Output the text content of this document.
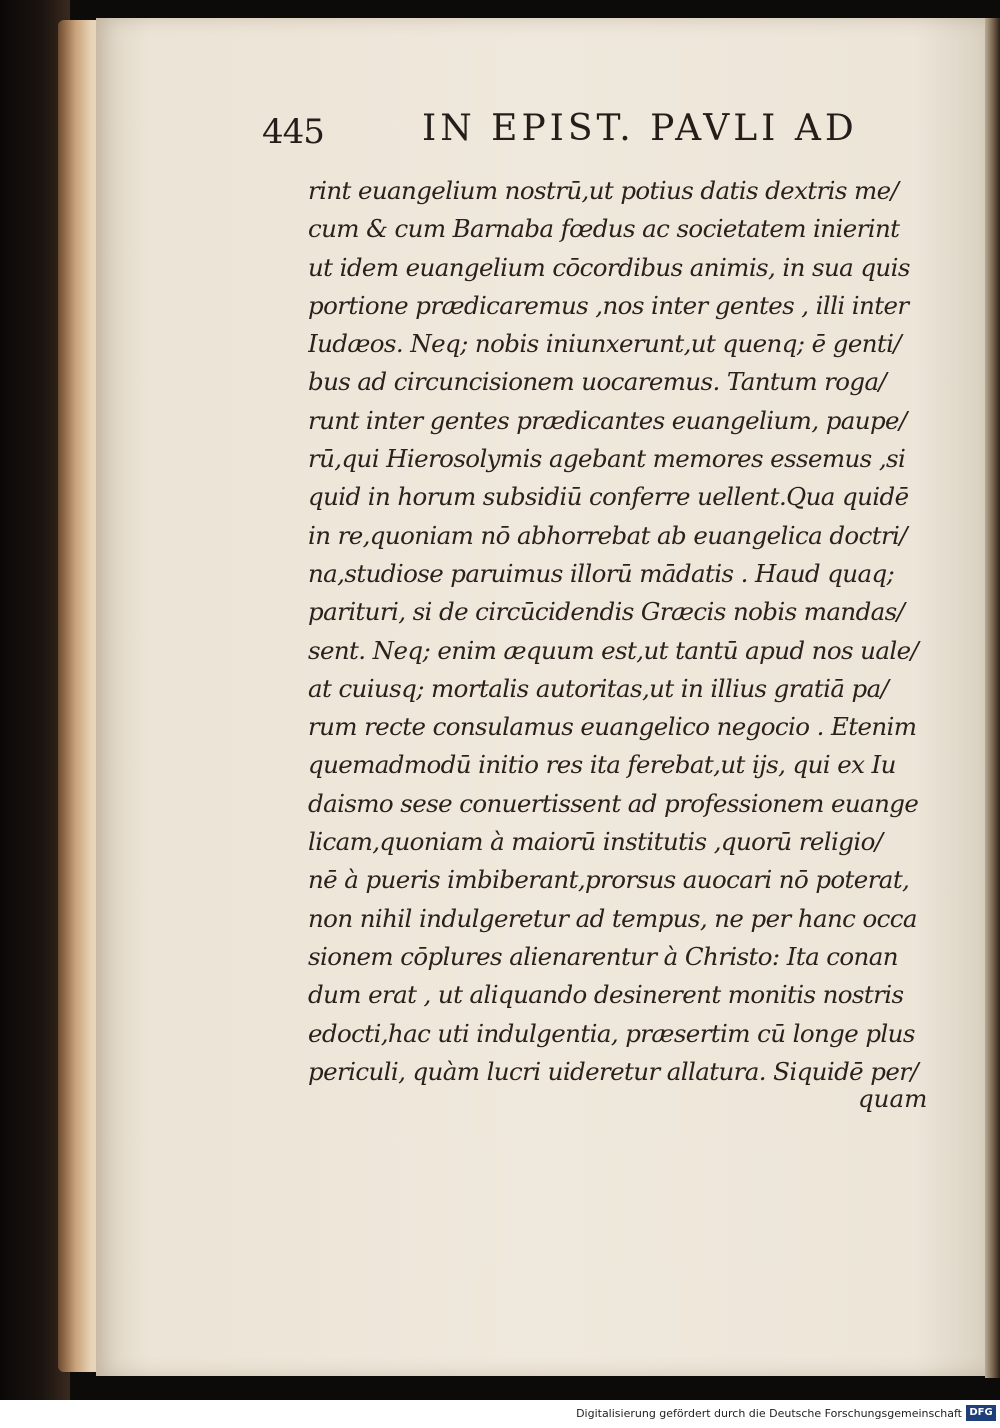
445	IN EPIST. PAVLI AD
rint euangelium nostrū,ut potius datis dextris me/
cum & cum Barnaba fœdus ac societatem inierint
ut idem euangelium cōcordibus animis, in sua quis
portione prædicaremus ,nos inter gentes , illi inter
Iudæos. Neq; nobis iniunxerunt,ut quenq; ē genti/
bus ad circuncisionem uocaremus. Tantum roga/
runt inter gentes prædicantes euangelium, paupe/
rū,qui Hierosolymis agebant memores essemus ,si
quid in horum subsidiū conferre uellent.Qua quidē
in re,quoniam nō abhorrebat ab euangelica doctri/
na,studiose paruimus illorū mādatis . Haud quaq;
parituri, si de circūcidendis Græcis nobis mandas/
sent. Neq; enim æquum est,ut tantū apud nos uale/
at cuiusq; mortalis autoritas,ut in illius gratiā pa/
rum recte consulamus euangelico negocio . Etenim
quemadmodū initio res ita ferebat,ut ijs, qui ex Iu
daismo sese conuertissent ad professionem euange
licam,quoniam à maiorū institutis ,quorū religio/
nē à pueris imbiberant,prorsus auocari nō poterat,
non nihil indulgeretur ad tempus, ne per hanc occa
sionem cōplures alienarentur à Christo: Ita conan
dum erat , ut aliquando desinerent monitis nostris
edocti,hac uti indulgentia, præsertim cū longe plus
periculi, quàm lucri uideretur allatura. Siquidē per/
quam
Digitalisierung gefördert durch die Deutsche Forschungsgemeinschaft DFG
